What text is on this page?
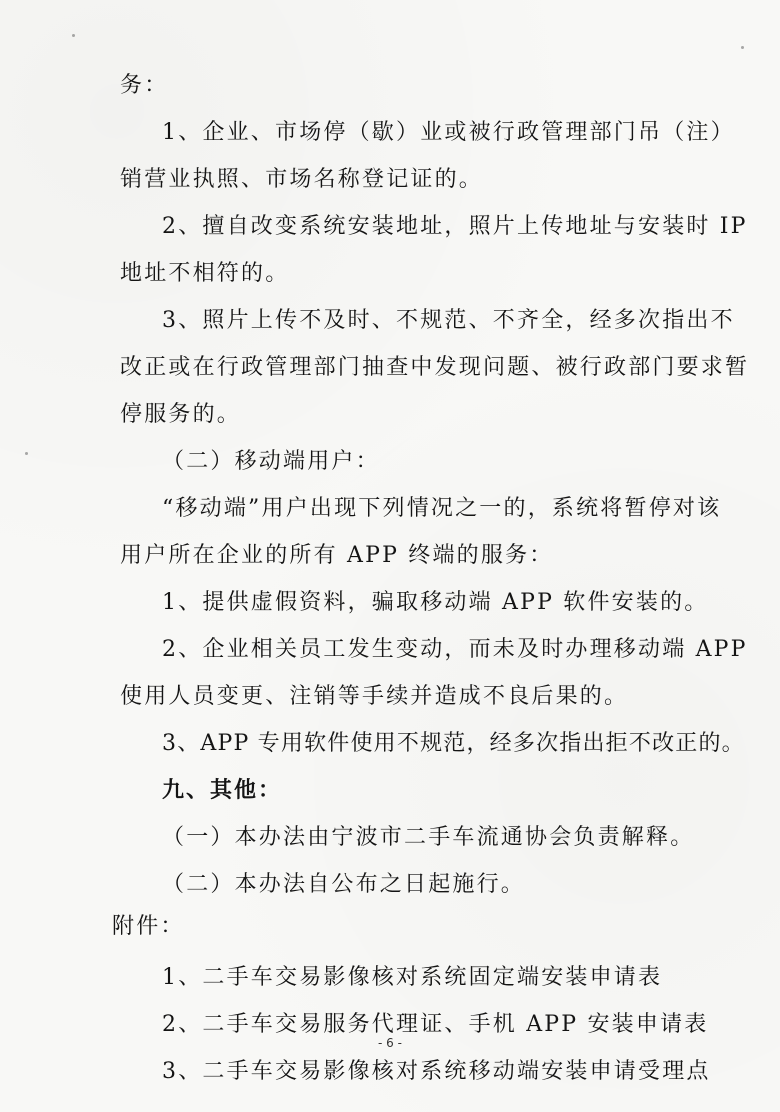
务：
1、企业、市场停（歇）业或被行政管理部门吊（注）
销营业执照、市场名称登记证的。
2、擅自改变系统安装地址，照片上传地址与安装时 IP
地址不相符的。
3、照片上传不及时、不规范、不齐全，经多次指出不
改正或在行政管理部门抽查中发现问题、被行政部门要求暂
停服务的。
（二）移动端用户：
“移动端”用户出现下列情况之一的，系统将暂停对该
用户所在企业的所有 APP 终端的服务：
1、提供虚假资料，骗取移动端 APP 软件安装的。
2、企业相关员工发生变动，而未及时办理移动端 APP
使用人员变更、注销等手续并造成不良后果的。
3、APP 专用软件使用不规范，经多次指出拒不改正的。
九、其他：
（一）本办法由宁波市二手车流通协会负责解释。
（二）本办法自公布之日起施行。
附件：
1、二手车交易影像核对系统固定端安装申请表
2、二手车交易服务代理证、手机 APP 安装申请表
3、二手车交易影像核对系统移动端安装申请受理点
- 6 -
